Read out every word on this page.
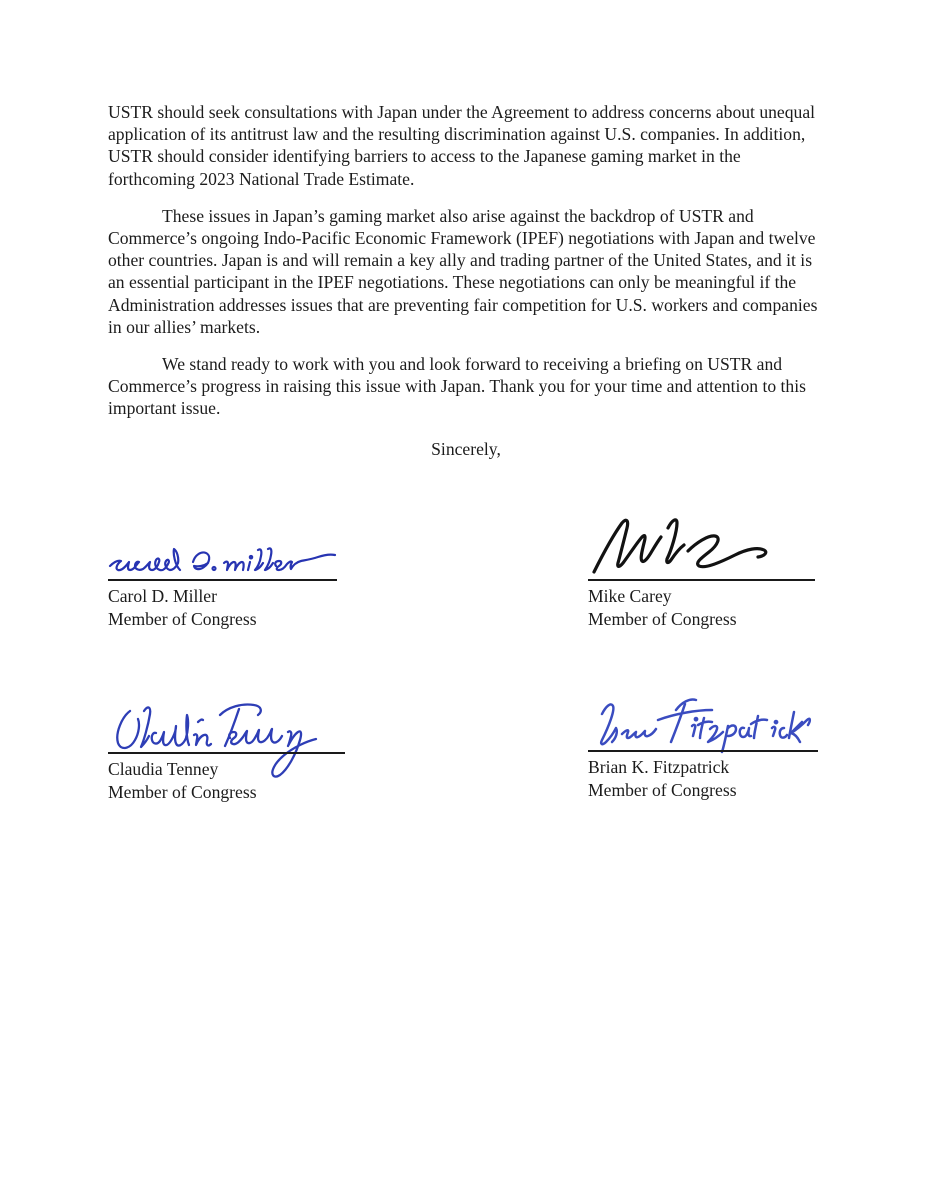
USTR should seek consultations with Japan under the Agreement to address concerns about unequal application of its antitrust law and the resulting discrimination against U.S. companies. In addition, USTR should consider identifying barriers to access to the Japanese gaming market in the forthcoming 2023 National Trade Estimate.

These issues in Japan’s gaming market also arise against the backdrop of USTR and Commerce’s ongoing Indo-Pacific Economic Framework (IPEF) negotiations with Japan and twelve other countries. Japan is and will remain a key ally and trading partner of the United States, and it is an essential participant in the IPEF negotiations. These negotiations can only be meaningful if the Administration addresses issues that are preventing fair competition for U.S. workers and companies in our allies’ markets.

We stand ready to work with you and look forward to receiving a briefing on USTR and Commerce’s progress in raising this issue with Japan. Thank you for your time and attention to this important issue.

Sincerely,

Carol D. Miller
Member of Congress
Mike Carey
Member of Congress
Claudia Tenney
Member of Congress
Brian K. Fitzpatrick
Member of Congress
